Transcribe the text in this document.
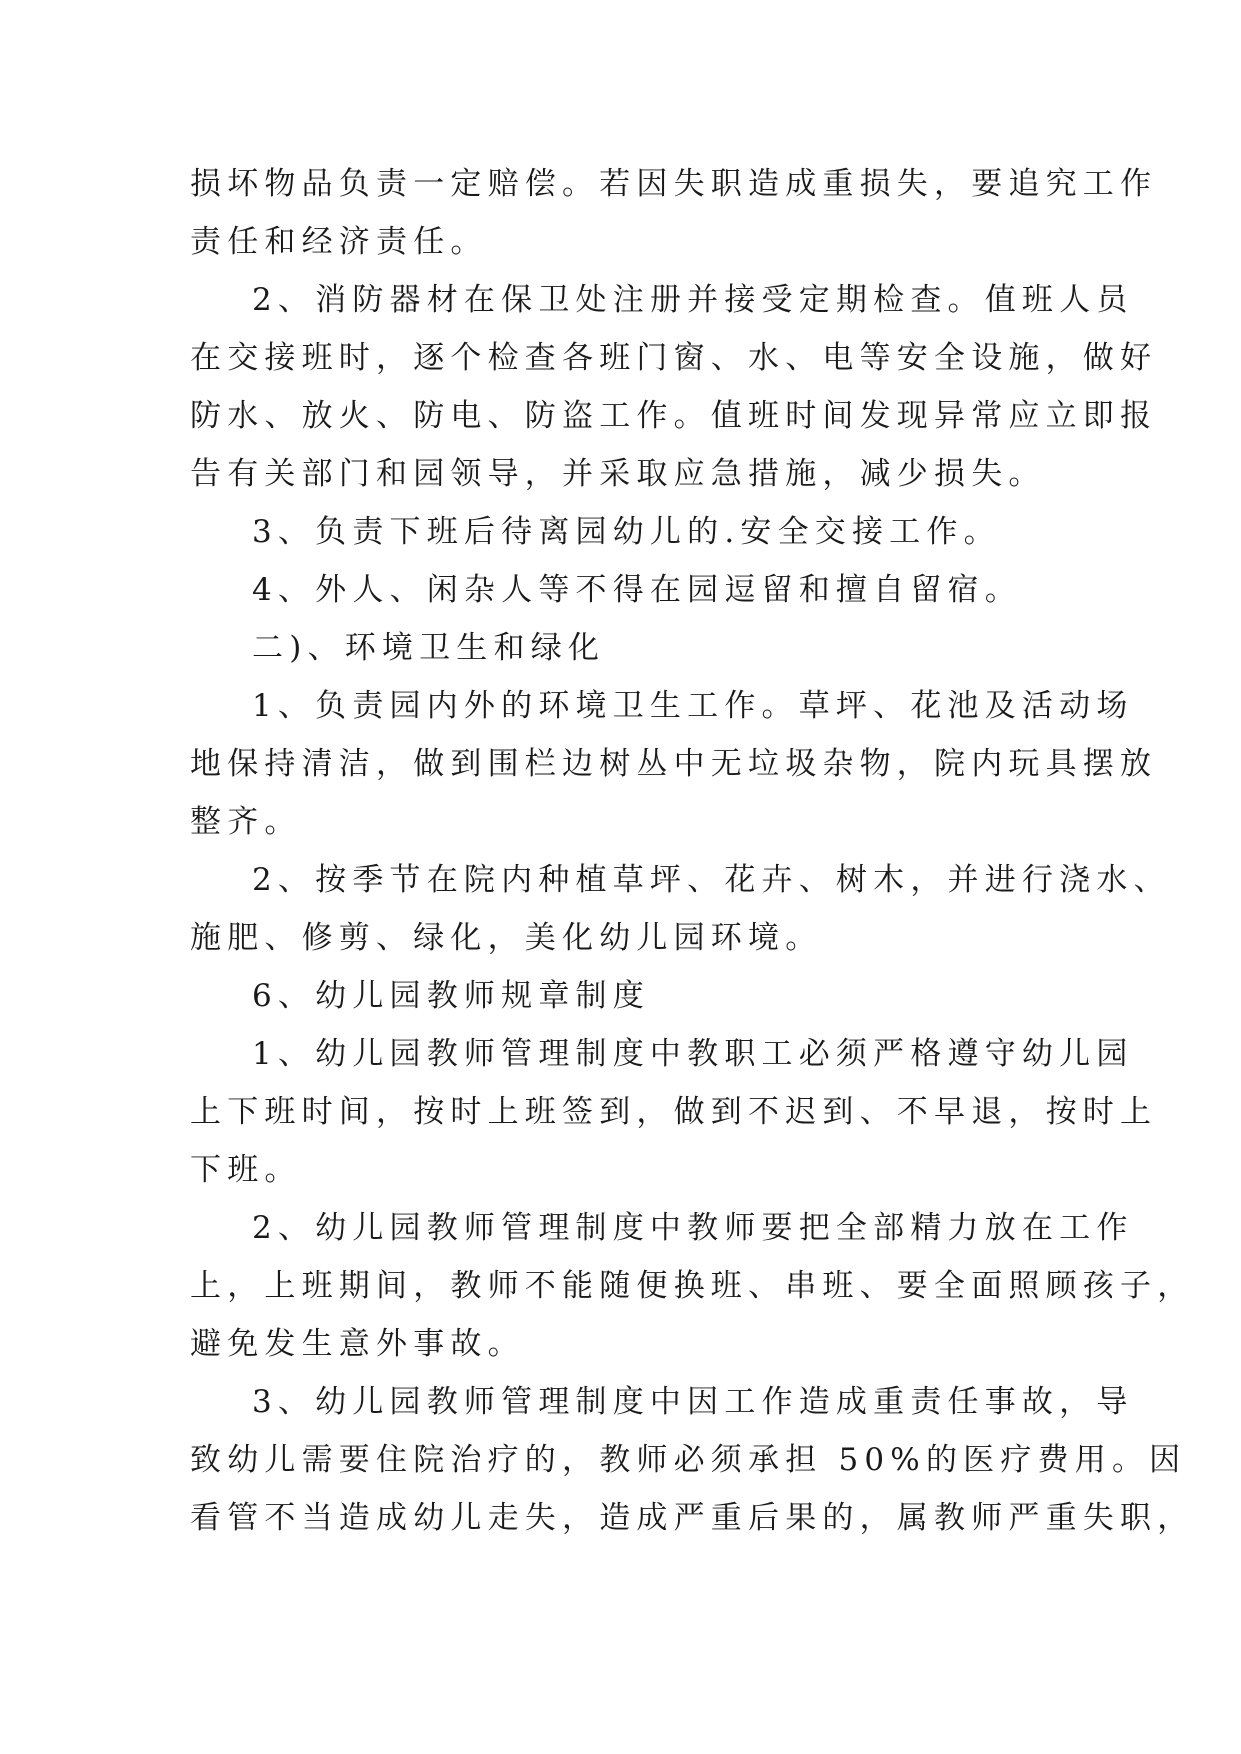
损坏物品负责一定赔偿。若因失职造成重损失，要追究工作
责任和经济责任。
2、消防器材在保卫处注册并接受定期检查。值班人员
在交接班时，逐个检查各班门窗、水、电等安全设施，做好
防水、放火、防电、防盗工作。值班时间发现异常应立即报
告有关部门和园领导，并采取应急措施，减少损失。
3、负责下班后待离园幼儿的.安全交接工作。
4、外人、闲杂人等不得在园逗留和擅自留宿。
二)、环境卫生和绿化
1、负责园内外的环境卫生工作。草坪、花池及活动场
地保持清洁，做到围栏边树丛中无垃圾杂物，院内玩具摆放
整齐。
2、按季节在院内种植草坪、花卉、树木，并进行浇水、
施肥、修剪、绿化，美化幼儿园环境。
6、幼儿园教师规章制度
1、幼儿园教师管理制度中教职工必须严格遵守幼儿园
上下班时间，按时上班签到，做到不迟到、不早退，按时上
下班。
2、幼儿园教师管理制度中教师要把全部精力放在工作
上，上班期间，教师不能随便换班、串班、要全面照顾孩子，
避免发生意外事故。
3、幼儿园教师管理制度中因工作造成重责任事故，导
致幼儿需要住院治疗的，教师必须承担 50%的医疗费用。因
看管不当造成幼儿走失，造成严重后果的，属教师严重失职，
